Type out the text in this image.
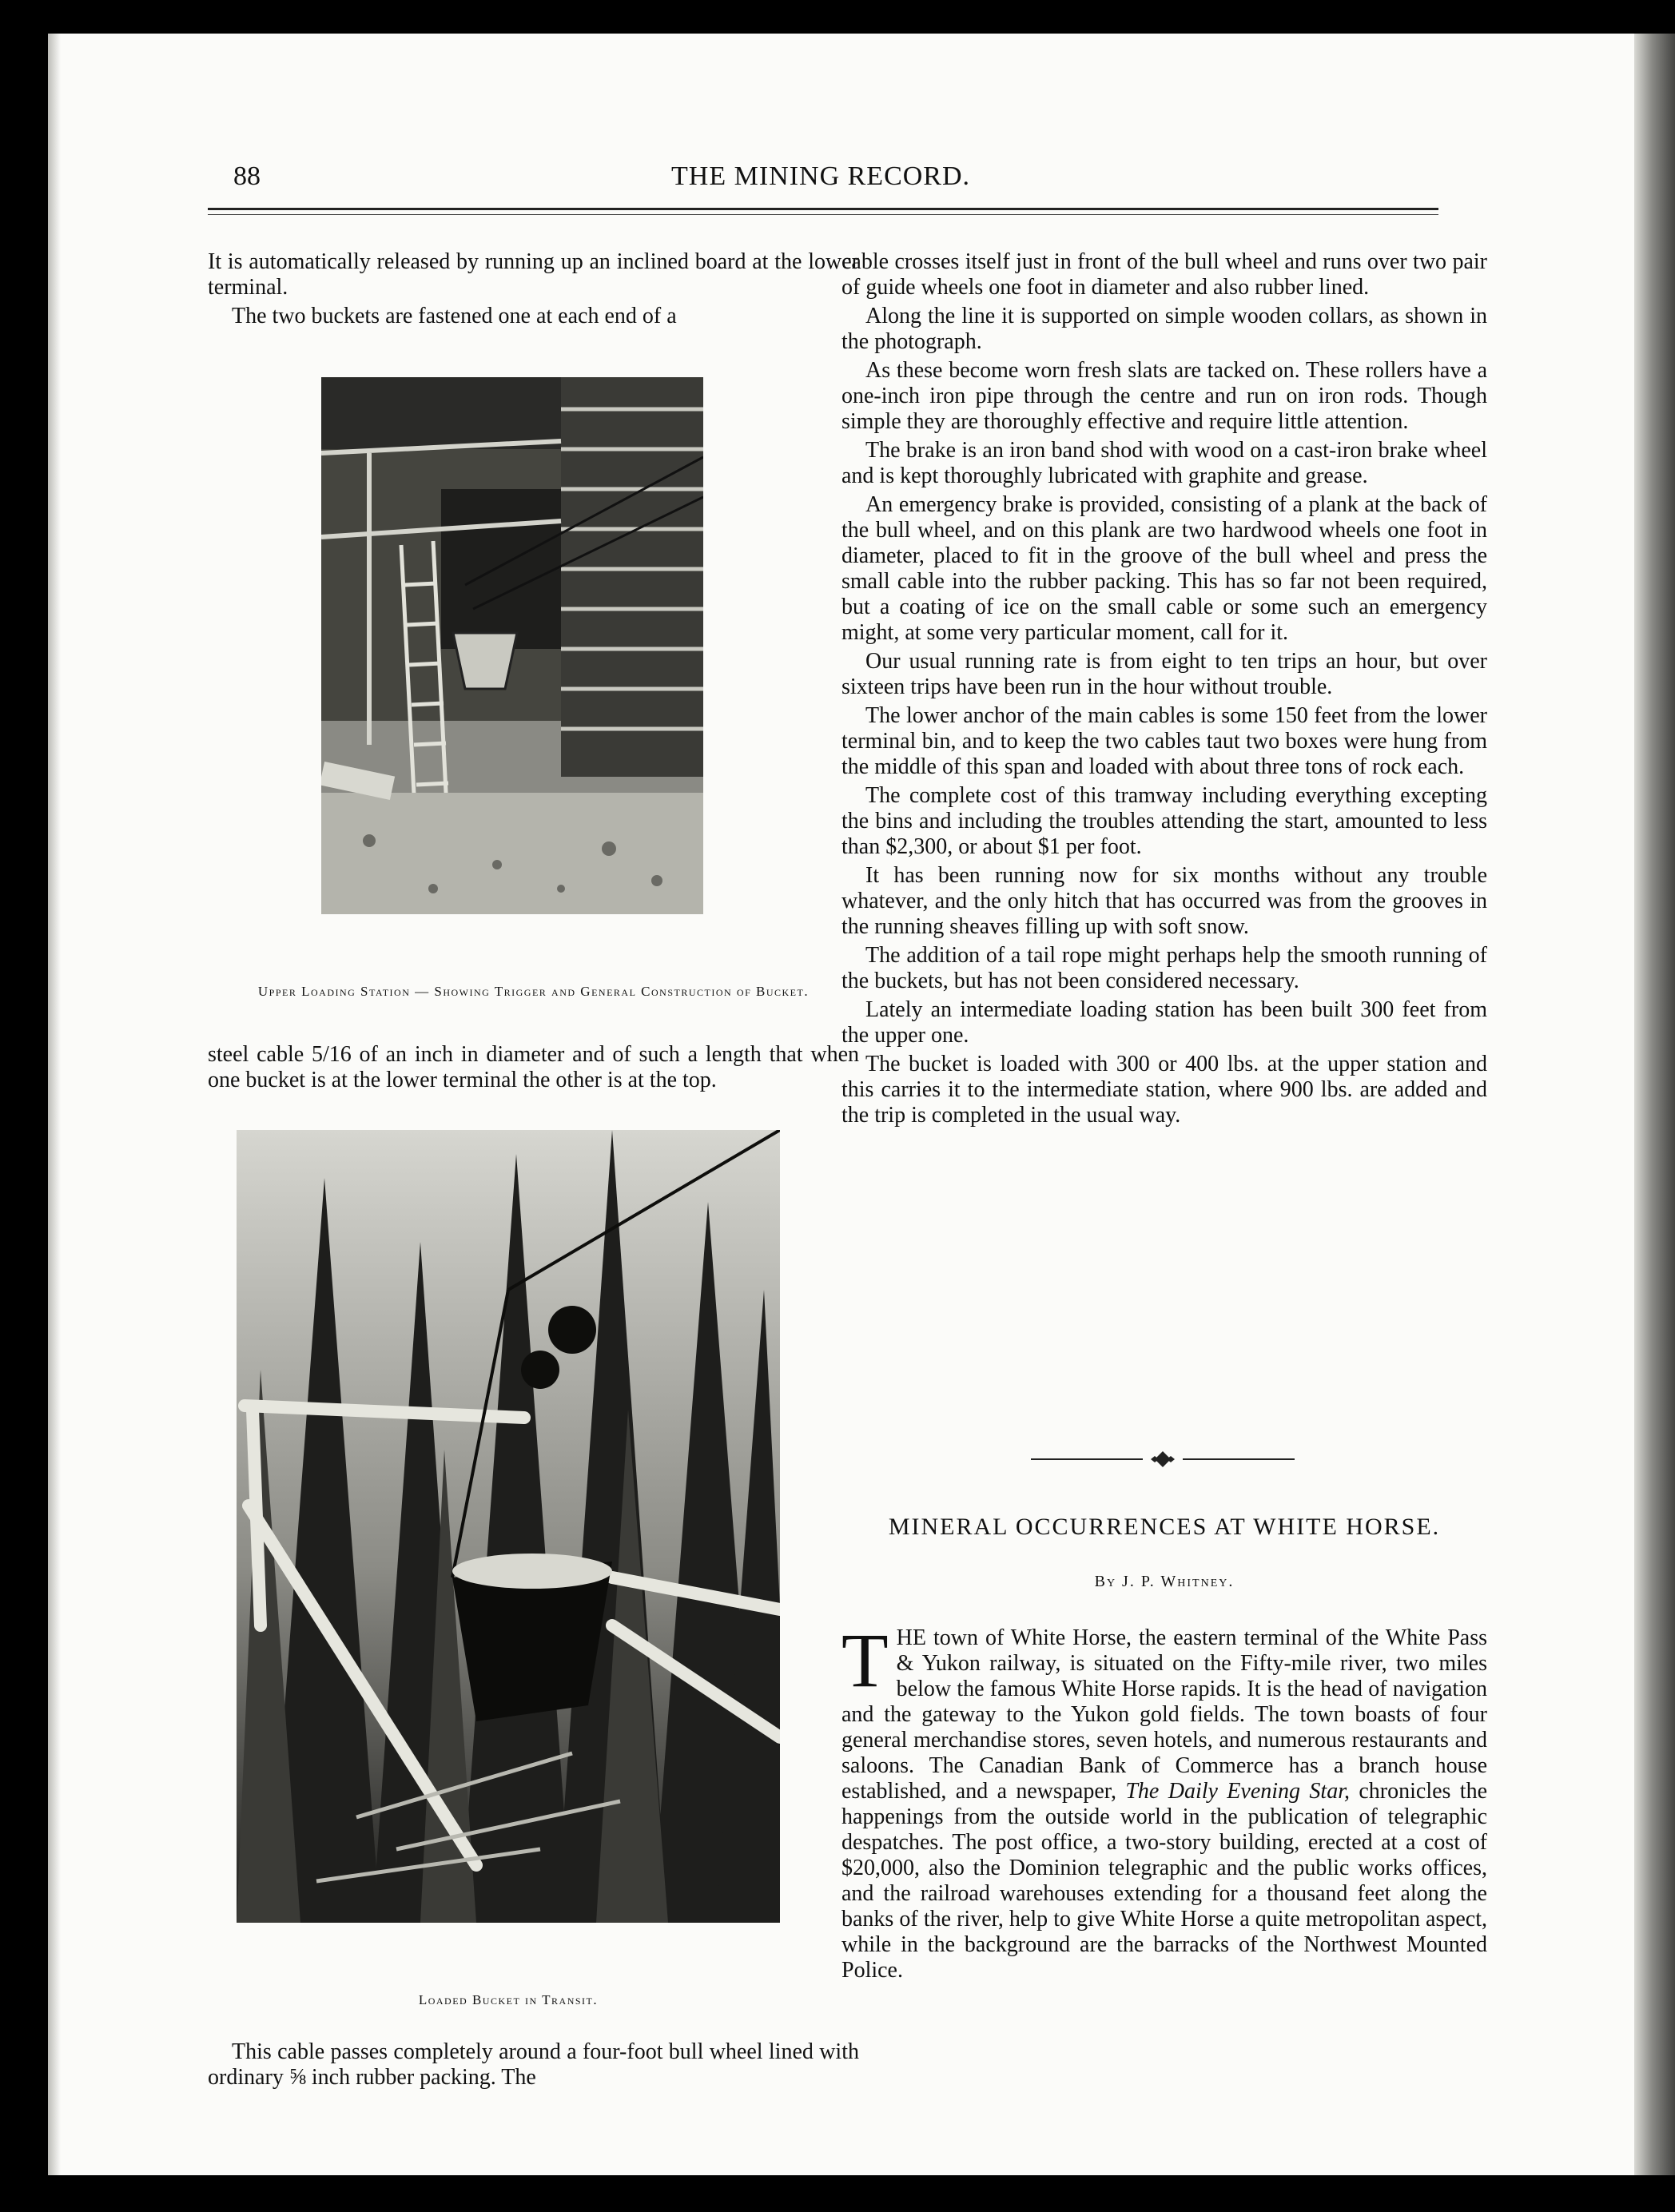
88	THE MINING RECORD.

It is automatically released by running up an inclined board at the lower terminal.

The two buckets are fastened one at each end of a

Upper Loading Station — Showing Trigger and General Construction of Bucket.

steel cable 5/16 of an inch in diameter and of such a length that when one bucket is at the lower terminal the other is at the top.

Loaded Bucket in Transit.

This cable passes completely around a four-foot bull wheel lined with ordinary ⅝ inch rubber packing. The

cable crosses itself just in front of the bull wheel and runs over two pair of guide wheels one foot in diameter and also rubber lined.

Along the line it is supported on simple wooden collars, as shown in the photograph.

As these become worn fresh slats are tacked on. These rollers have a one-inch iron pipe through the centre and run on iron rods. Though simple they are thoroughly effective and require little attention.

The brake is an iron band shod with wood on a cast-iron brake wheel and is kept thoroughly lubricated with graphite and grease.

An emergency brake is provided, consisting of a plank at the back of the bull wheel, and on this plank are two hardwood wheels one foot in diameter, placed to fit in the groove of the bull wheel and press the small cable into the rubber packing. This has so far not been required, but a coating of ice on the small cable or some such an emergency might, at some very particular moment, call for it.

Our usual running rate is from eight to ten trips an hour, but over sixteen trips have been run in the hour without trouble.

The lower anchor of the main cables is some 150 feet from the lower terminal bin, and to keep the two cables taut two boxes were hung from the middle of this span and loaded with about three tons of rock each.

The complete cost of this tramway including everything excepting the bins and including the troubles attending the start, amounted to less than $2,300, or about $1 per foot.

It has been running now for six months without any trouble whatever, and the only hitch that has occurred was from the grooves in the running sheaves filling up with soft snow.

The addition of a tail rope might perhaps help the smooth running of the buckets, but has not been considered necessary.

Lately an intermediate loading station has been built 300 feet from the upper one.

The bucket is loaded with 300 or 400 lbs. at the upper station and this carries it to the intermediate station, where 900 lbs. are added and the trip is completed in the usual way.

MINERAL OCCURRENCES AT WHITE HORSE.
By J. P. Whitney.

THE town of White Horse, the eastern terminal of the White Pass & Yukon railway, is situated on the Fifty-mile river, two miles below the famous White Horse rapids. It is the head of navigation and the gateway to the Yukon gold fields. The town boasts of four general merchandise stores, seven hotels, and numerous restaurants and saloons. The Canadian Bank of Commerce has a branch house established, and a newspaper, The Daily Evening Star, chronicles the happenings from the outside world in the publication of telegraphic despatches. The post office, a two-story building, erected at a cost of $20,000, also the Dominion telegraphic and the public works offices, and the railroad warehouses extending for a thousand feet along the banks of the river, help to give White Horse a quite metropolitan aspect, while in the background are the barracks of the Northwest Mounted Police.
